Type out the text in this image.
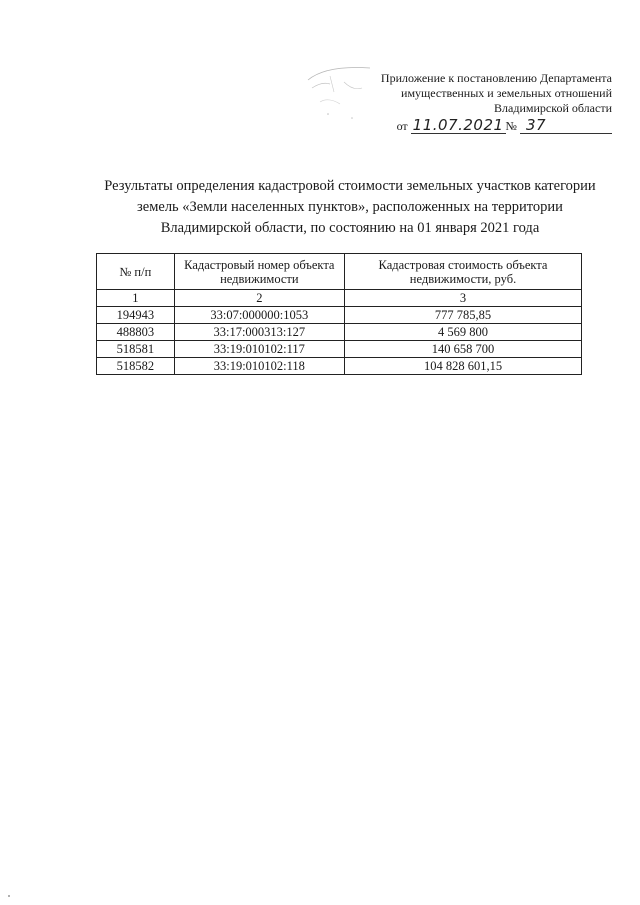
Приложение к постановлению Департамента
имущественных и земельных отношений
Владимирской области
от 11.07.2021 № 37
Результаты определения кадастровой стоимости земельных участков категории
земель «Земли населенных пунктов», расположенных на территории
Владимирской области, по состоянию на 01 января 2021 года
№ п/п	Кадастровый номер объекта недвижимости	Кадастровая стоимость объекта недвижимости, руб.
1	2	3
194943	33:07:000000:1053	777 785,85
488803	33:17:000313:127	4 569 800
518581	33:19:010102:117	140 658 700
518582	33:19:010102:118	104 828 601,15
